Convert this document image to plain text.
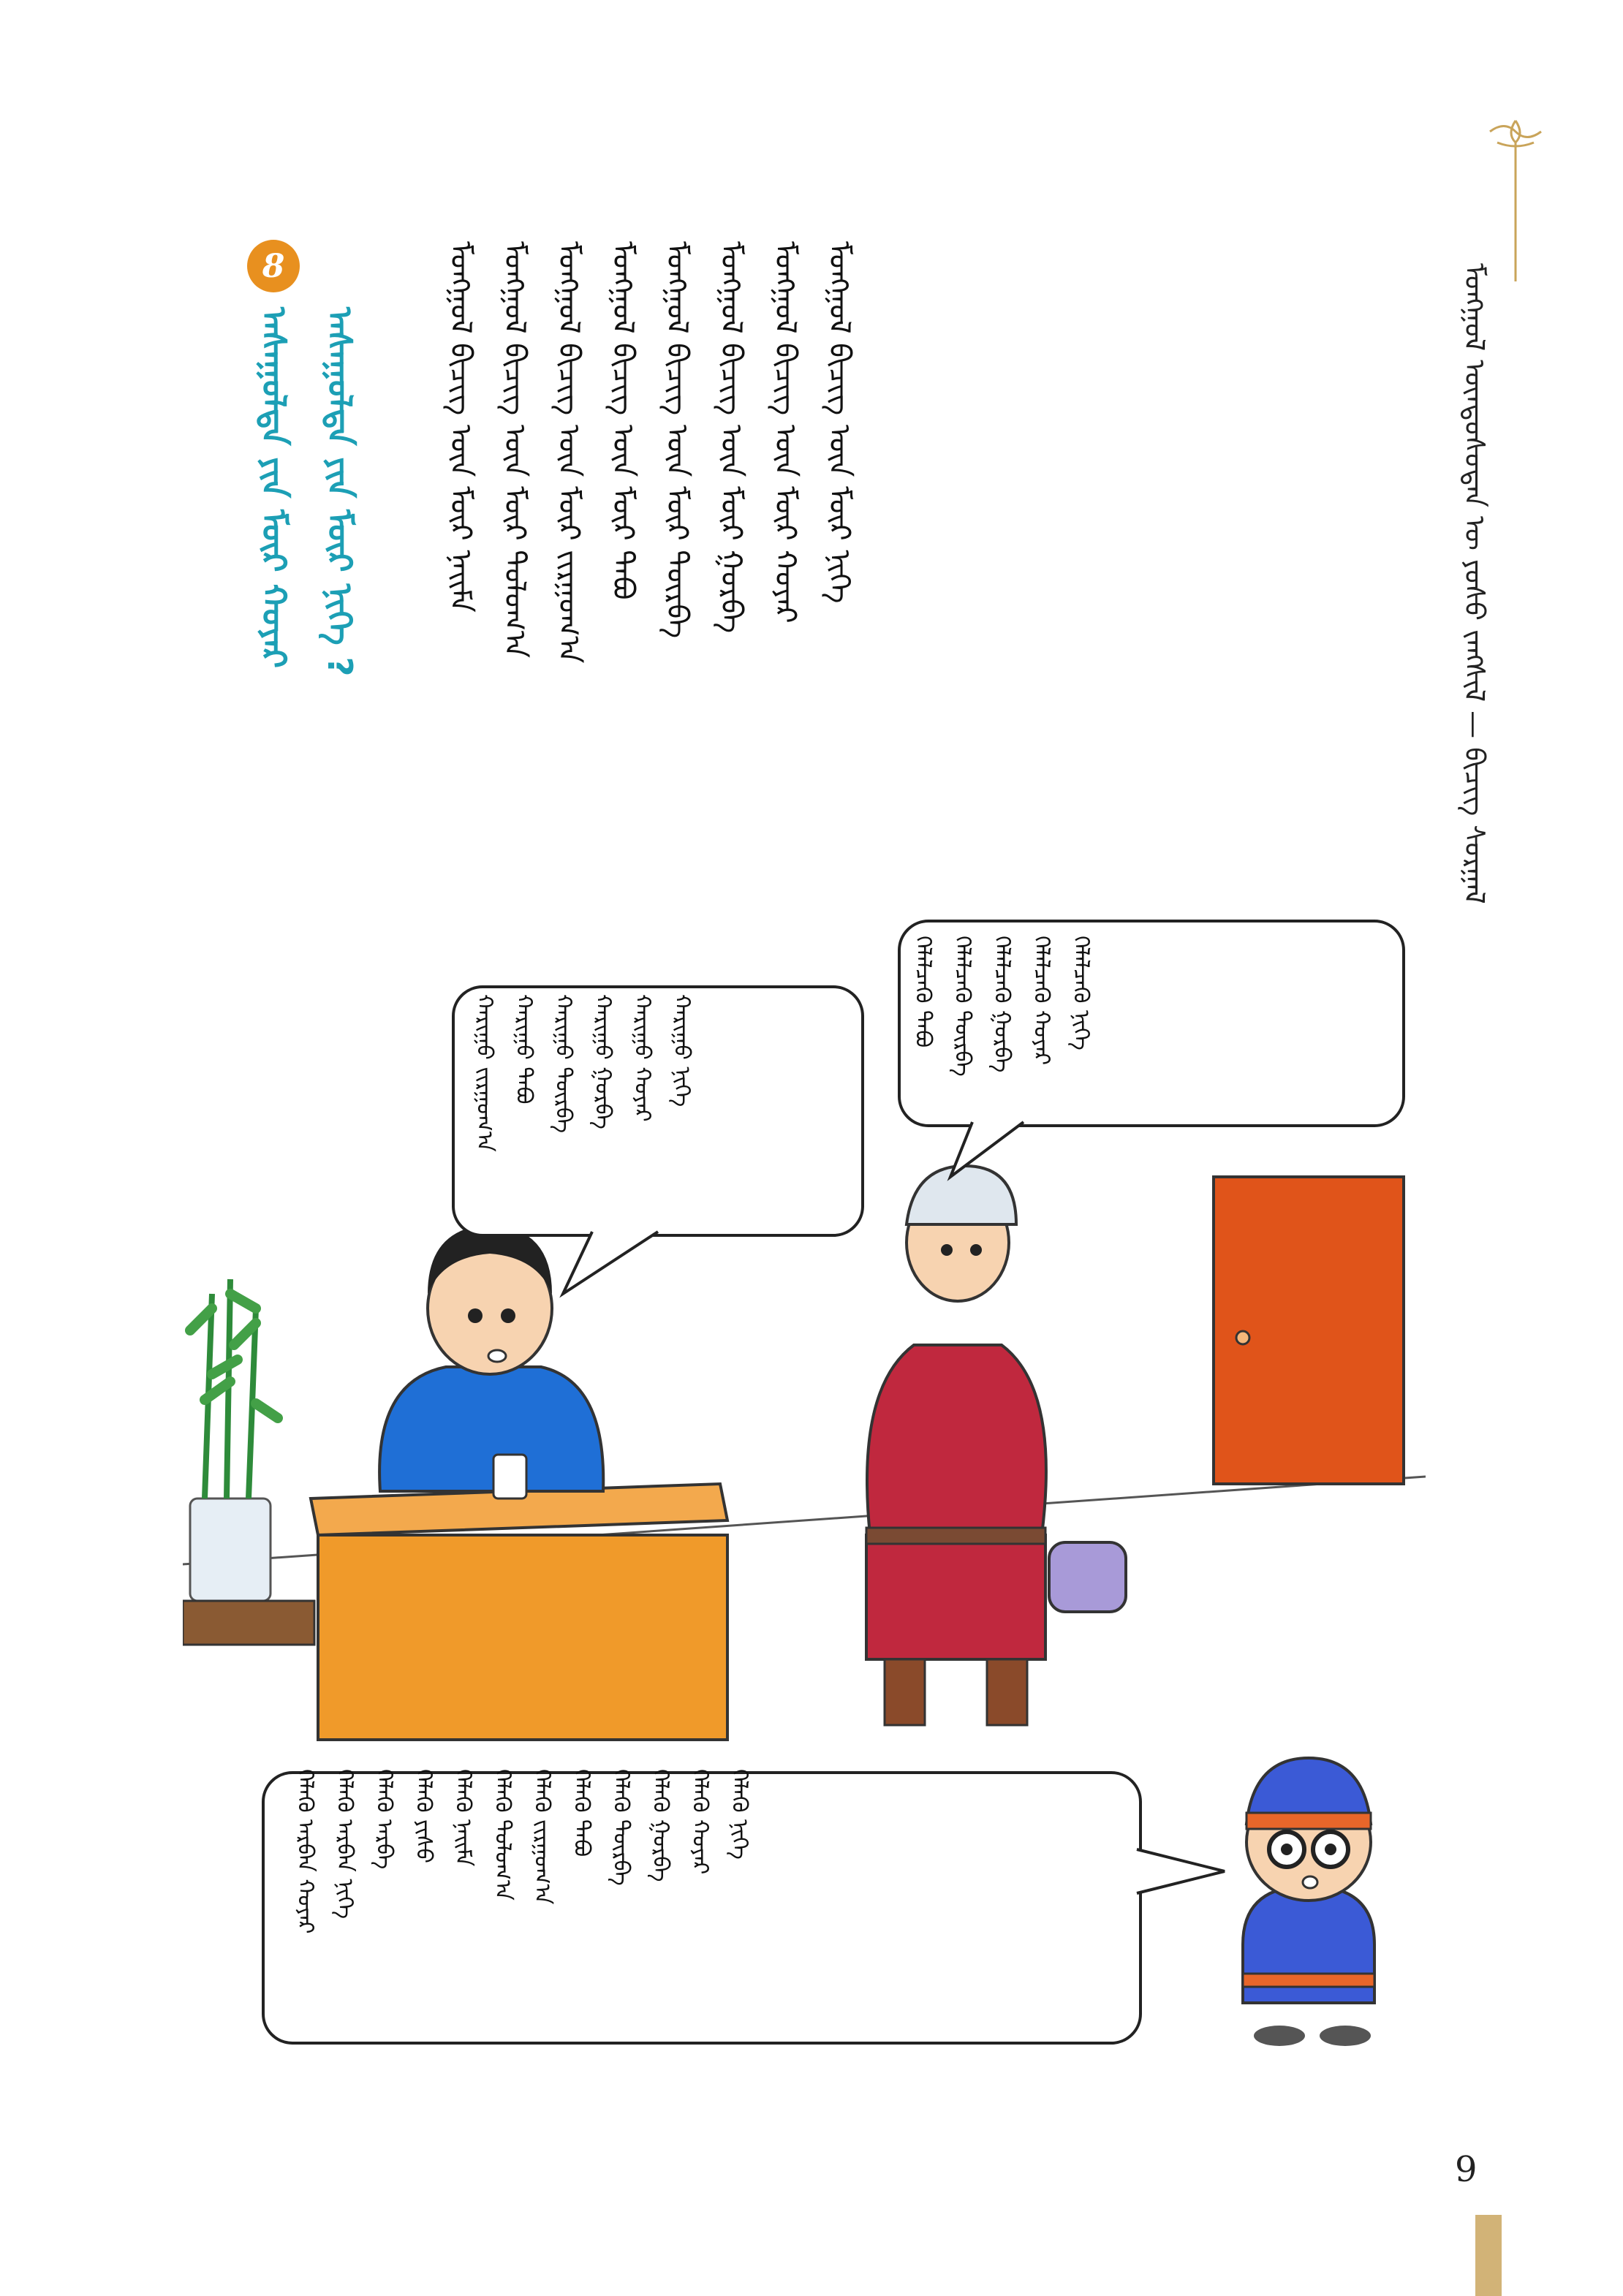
ᠮᠣᠩᠭᠣᠯ ᠦᠨᠳᠦᠰᠦᠲᠡᠨ ᠦ ᠶᠤᠰᠤ ᠵᠠᠩᠰᠢᠯ — ᠪᠢᠴᠢᠭ ᠰᠤᠷᠭᠠᠯ
ᠮᠣᠩᠭᠣᠯ ᠪᠢᠴᠢᠭ ᠦᠨ ᠮᠥᠷ ᠨᠠᠢᠮᠠ ᠮᠣᠩᠭᠣᠯ ᠪᠢᠴᠢᠭ ᠦᠨ ᠮᠥᠷ ᠳᠣᠯᠣᠭ᠎ᠠ ᠮᠣᠩᠭᠣᠯ ᠪᠢᠴᠢᠭ ᠦᠨ ᠮᠥᠷ ᠵᠢᠷᠭᠤᠭ᠎ᠠ ᠮᠣᠩᠭᠣᠯ ᠪᠢᠴᠢᠭ ᠦᠨ ᠮᠥᠷ ᠲᠠᠪᠤ ᠮᠣᠩᠭᠣᠯ ᠪᠢᠴᠢᠭ ᠦᠨ ᠮᠥᠷ ᠳᠥᠷᠪᠡ ᠮᠣᠩᠭᠣᠯ ᠪᠢᠴᠢᠭ ᠦᠨ ᠮᠥᠷ ᠭᠤᠷᠪᠠ ᠮᠣᠩᠭᠣᠯ ᠪᠢᠴᠢᠭ ᠦᠨ ᠮᠥᠷ ᠬᠣᠶᠠᠷ ᠮᠣᠩᠭᠣᠯ ᠪᠢᠴᠢᠭ ᠦᠨ ᠮᠥᠷ ᠨᠢᠭᠡ
8
ᠠᠰᠠᠭᠤᠯᠲᠠ ᠶᠢᠨ ᠮᠥᠷ ᠬᠣᠶᠠᠷ ᠠᠰᠠᠭᠤᠯᠲᠠ ᠶᠢᠨ ᠮᠥᠷ ᠨᠢᠭᠡ ?
ᠬᠡᠯᠡᠯᠴᠡᠬᠦ ᠲᠠᠪᠤ ᠬᠡᠯᠡᠯᠴᠡᠬᠦ ᠳᠥᠷᠪᠡ ᠬᠡᠯᠡᠯᠴᠡᠬᠦ ᠭᠤᠷᠪᠠ ᠬᠡᠯᠡᠯᠴᠡᠬᠦ ᠬᠣᠶᠠᠷ ᠬᠡᠯᠡᠯᠴᠡᠬᠦ ᠨᠢᠭᠡ
ᠬᠠᠷᠢᠭᠤ ᠵᠢᠷᠭᠤᠭ᠎ᠠ ᠬᠠᠷᠢᠭᠤ ᠲᠠᠪᠤ ᠬᠠᠷᠢᠭᠤ ᠳᠥᠷᠪᠡ ᠬᠠᠷᠢᠭᠤ ᠭᠤᠷᠪᠠ ᠬᠠᠷᠢᠭᠤ ᠬᠣᠶᠠᠷ ᠬᠠᠷᠢᠭᠤ ᠨᠢᠭᠡ
ᠬᠡᠯᠡᠬᠦ ᠠᠷᠪᠠᠨ ᠬᠣᠶᠠᠷ ᠬᠡᠯᠡᠬᠦ ᠠᠷᠪᠠᠨ ᠨᠢᠭᠡ ᠬᠡᠯᠡᠬᠦ ᠠᠷᠪᠠ ᠬᠡᠯᠡᠬᠦ ᠶᠢᠰᠦ ᠬᠡᠯᠡᠬᠦ ᠨᠠᠢᠮᠠ ᠬᠡᠯᠡᠬᠦ ᠳᠣᠯᠣᠭ᠎ᠠ ᠬᠡᠯᠡᠬᠦ ᠵᠢᠷᠭᠤᠭ᠎ᠠ ᠬᠡᠯᠡᠬᠦ ᠲᠠᠪᠤ ᠬᠡᠯᠡᠬᠦ ᠳᠥᠷᠪᠡ ᠬᠡᠯᠡᠬᠦ ᠭᠤᠷᠪᠠ ᠬᠡᠯᠡᠬᠦ ᠬᠣᠶᠠᠷ ᠬᠡᠯᠡᠬᠦ ᠨᠢᠭᠡ
9
